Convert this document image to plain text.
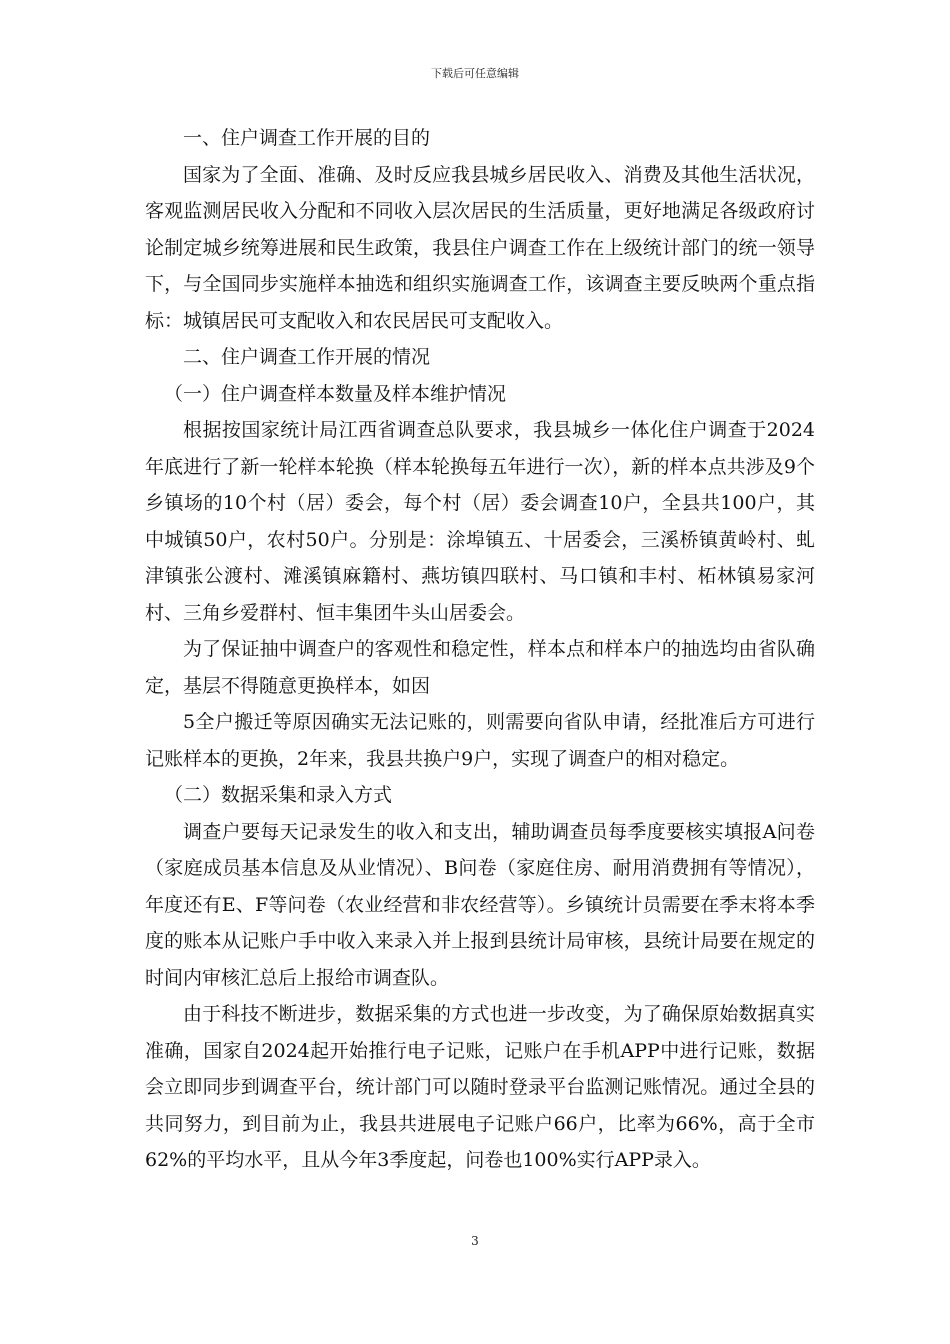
下载后可任意编辑

一、住户调查工作开展的目的

国家为了全面、准确、及时反应我县城乡居民收入、消费及其他生活状况，客观监测居民收入分配和不同收入层次居民的生活质量，更好地满足各级政府讨论制定城乡统筹进展和民生政策，我县住户调查工作在上级统计部门的统一领导下，与全国同步实施样本抽选和组织实施调查工作，该调查主要反映两个重点指标：城镇居民可支配收入和农民居民可支配收入。

二、住户调查工作开展的情况

（一）住户调查样本数量及样本维护情况

根据按国家统计局江西省调查总队要求，我县城乡一体化住户调查于2024年底进行了新一轮样本轮换（样本轮换每五年进行一次），新的样本点共涉及9个乡镇场的10个村（居）委会，每个村（居）委会调查10户，全县共100户，其中城镇50户，农村50户。分别是：涂埠镇五、十居委会，三溪桥镇黄岭村、虬津镇张公渡村、滩溪镇麻籍村、燕坊镇四联村、马口镇和丰村、柘林镇易家河村、三角乡爱群村、恒丰集团牛头山居委会。

为了保证抽中调查户的客观性和稳定性，样本点和样本户的抽选均由省队确定，基层不得随意更换样本，如因

5全户搬迁等原因确实无法记账的，则需要向省队申请，经批准后方可进行记账样本的更换，2年来，我县共换户9户，实现了调查户的相对稳定。

（二）数据采集和录入方式

调查户要每天记录发生的收入和支出，辅助调查员每季度要核实填报A问卷（家庭成员基本信息及从业情况）、B问卷（家庭住房、耐用消费拥有等情况），年度还有E、F等问卷（农业经营和非农经营等）。乡镇统计员需要在季末将本季度的账本从记账户手中收入来录入并上报到县统计局审核，县统计局要在规定的时间内审核汇总后上报给市调查队。

由于科技不断进步，数据采集的方式也进一步改变，为了确保原始数据真实准确，国家自2024起开始推行电子记账，记账户在手机APP中进行记账，数据会立即同步到调查平台，统计部门可以随时登录平台监测记账情况。通过全县的共同努力，到目前为止，我县共进展电子记账户66户，比率为66%，高于全市62%的平均水平，且从今年3季度起，问卷也100%实行APP录入。

3
